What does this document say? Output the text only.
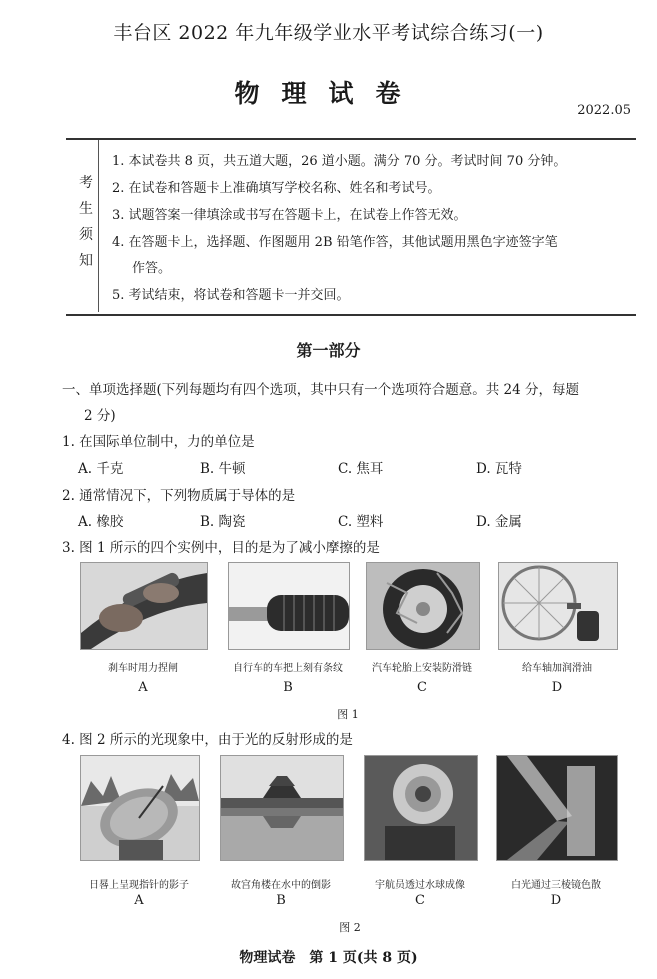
丰台区 2022 年九年级学业水平考试综合练习(一)
物理试卷
2022.05
考
生
须
知
1. 本试卷共 8 页，共五道大题，26 道小题。满分 70 分。考试时间 70 分钟。
2. 在试卷和答题卡上准确填写学校名称、姓名和考试号。
3. 试题答案一律填涂或书写在答题卡上，在试卷上作答无效。
4. 在答题卡上，选择题、作图题用 2B 铅笔作答，其他试题用黑色字迹签字笔
作答。
5. 考试结束，将试卷和答题卡一并交回。
第一部分
一、单项选择题(下列每题均有四个选项，其中只有一个选项符合题意。共 24 分，每题
2 分)
1. 在国际单位制中，力的单位是
A. 千克	B. 牛顿	C. 焦耳	D. 瓦特
2. 通常情况下，下列物质属于导体的是
A. 橡胶	B. 陶瓷	C. 塑料	D. 金属
3. 图 1 所示的四个实例中，目的是为了减小摩擦的是
刹车时用力捏闸	自行车的车把上刻有条纹	汽车轮胎上安装防滑链	给车轴加润滑油
A	B	C	D
图 1
4. 图 2 所示的光现象中，由于光的反射形成的是
日晷上呈现指针的影子	故宫角楼在水中的倒影	宇航员透过水球成像	白光通过三棱镜色散
A	B	C	D
图 2
物理试卷　第 1 页(共 8 页)
